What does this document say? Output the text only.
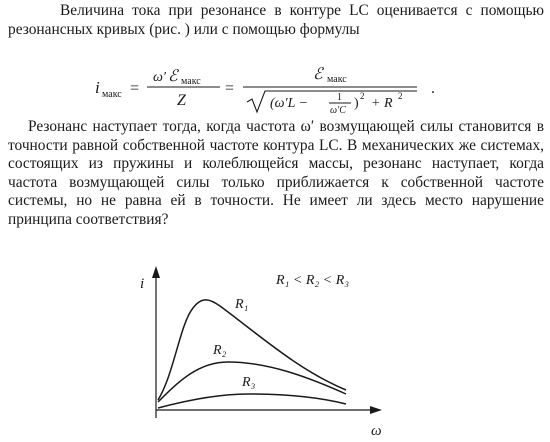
Величина тока при резонансе в контуре LC оценивается с помощью резонансных кривых (рис. ) или с помощью формулы

i макс =
ω′ ℰ макс
Z
=
ℰ макс
(ω′L −	1
ω′C ) 2 + R 2 .

Резонанс наступает тогда, когда частота ω′ возмущающей силы становится в точности равной собственной частоте контура LC. В механических же системах, состоящих из пружины и колеблющейся массы, резонанс наступает, когда частота возмущающей силы только приближается к собственной частоте системы, но не равна ей в точности. Не имеет ли здесь место нарушение принципа соответствия?

i
ω
R₁
R₂
R₃
R₁ < R₂ < R₃
